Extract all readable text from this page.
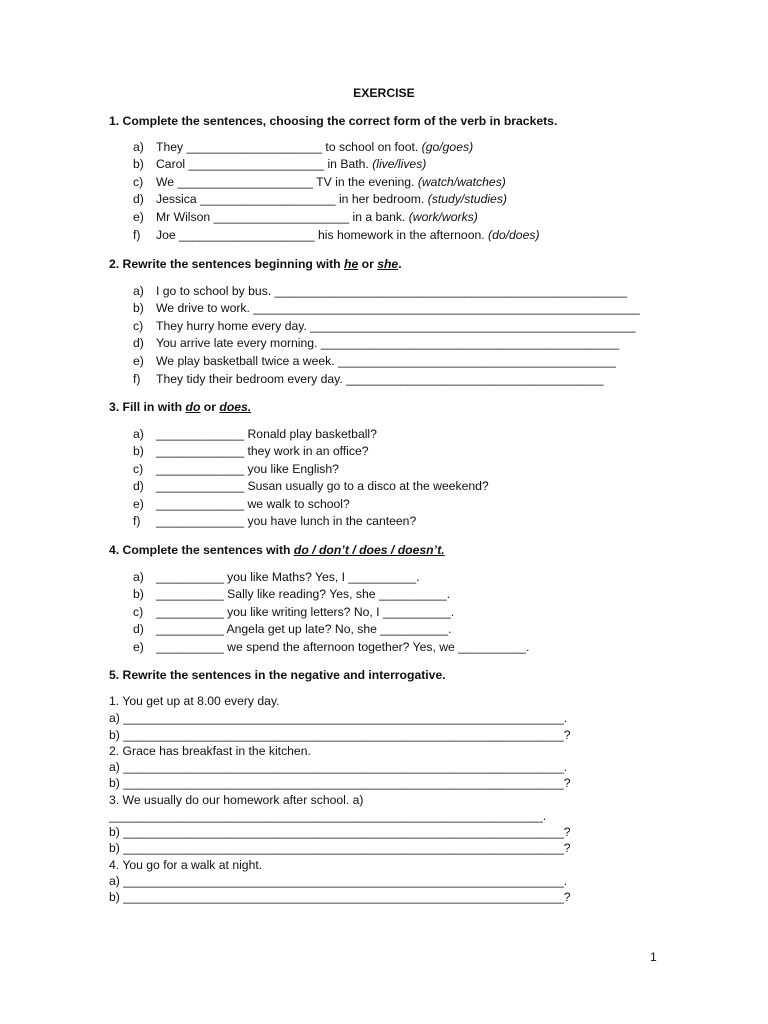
EXERCISE
1. Complete the sentences, choosing the correct form of the verb in brackets.
a) They ____________________ to school on foot. (go/goes)
b) Carol ____________________ in Bath. (live/lives)
c) We ____________________ TV in the evening. (watch/watches)
d) Jessica ____________________ in her bedroom. (study/studies)
e) Mr Wilson ____________________ in a bank. (work/works)
f) Joe ____________________ his homework in the afternoon. (do/does)
2. Rewrite the sentences beginning with he or she.
a) I go to school by bus. ____________________________________________________
b) We drive to work. _________________________________________________________
c) They hurry home every day. ________________________________________________
d) You arrive late every morning. ____________________________________________
e) We play basketball twice a week. _________________________________________
f) They tidy their bedroom every day. ______________________________________
3. Fill in with do or does.
a) _____________ Ronald play basketball?
b) _____________ they work in an office?
c) _____________ you like English?
d) _____________ Susan usually go to a disco at the weekend?
e) _____________ we walk to school?
f) _____________ you have lunch in the canteen?
4. Complete the sentences with do / don’t / does / doesn’t.
a) __________ you like Maths? Yes, I __________.
b) __________ Sally like reading? Yes, she __________.
c) __________ you like writing letters? No, I __________.
d) __________ Angela get up late? No, she __________.
e) __________ we spend the afternoon together? Yes, we __________.
5. Rewrite the sentences in the negative and interrogative.
1. You get up at 8.00 every day.
a) _________________________________________________________________.
b) _________________________________________________________________?
2. Grace has breakfast in the kitchen.
a) _________________________________________________________________.
b) _________________________________________________________________?
3. We usually do our homework after school. a)
________________________________________________________________.
b) _________________________________________________________________?
b) _________________________________________________________________?
4. You go for a walk at night.
a) _________________________________________________________________.
b) _________________________________________________________________?
1
